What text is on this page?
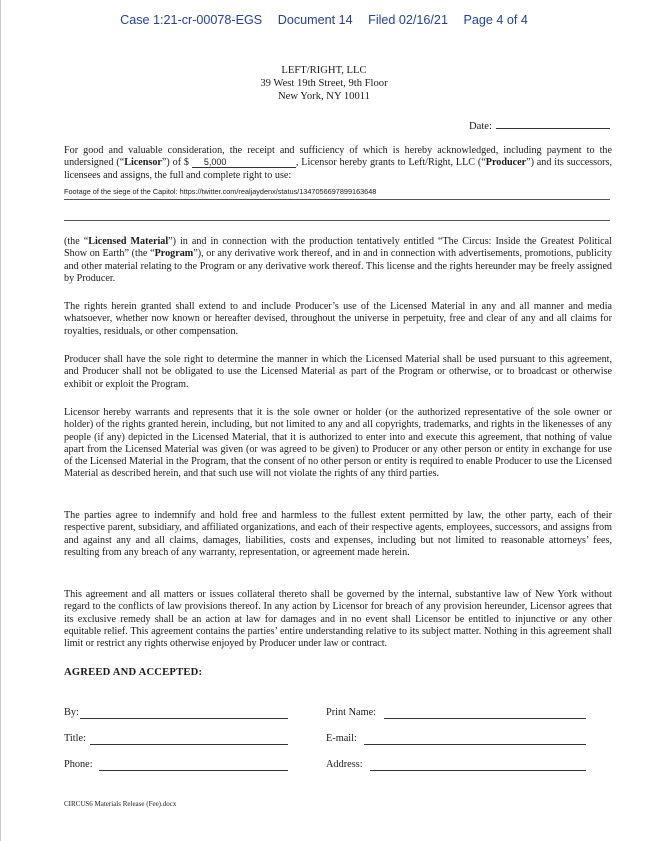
Case 1:21-cr-00078-EGS Document 14 Filed 02/16/21 Page 4 of 4
LEFT/RIGHT, LLC
39 West 19th Street, 9th Floor
New York, NY 10011
Date:

For good and valuable consideration, the receipt and sufficiency of which is hereby acknowledged, including payment to the undersigned (“Licensor”) of $ 5,000	, Licensor hereby grants to Left/Right, LLC (“Producer”) and its successors, licensees and assigns, the full and complete right to use:

Footage of the siege of the Capitol: https://twitter.com/realjaydenx/status/1347056697899163648

(the “Licensed Material”) in and in connection with the production tentatively entitled “The Circus: Inside the Greatest Political Show on Earth” (the “Program”), or any derivative work thereof, and in and in connection with advertisements, promotions, publicity and other material relating to the Program or any derivative work thereof. This license and the rights hereunder may be freely assigned by Producer.

The rights herein granted shall extend to and include Producer’s use of the Licensed Material in any and all manner and media whatsoever, whether now known or hereafter devised, throughout the universe in perpetuity, free and clear of any and all claims for royalties, residuals, or other compensation.

Producer shall have the sole right to determine the manner in which the Licensed Material shall be used pursuant to this agreement, and Producer shall not be obligated to use the Licensed Material as part of the Program or otherwise, or to broadcast or otherwise exhibit or exploit the Program.

Licensor hereby warrants and represents that it is the sole owner or holder (or the authorized representative of the sole owner or holder) of the rights granted herein, including, but not limited to any and all copyrights, trademarks, and rights in the likenesses of any people (if any) depicted in the Licensed Material, that it is authorized to enter into and execute this agreement, that nothing of value apart from the Licensed Material was given (or was agreed to be given) to Producer or any other person or entity in exchange for use of the Licensed Material in the Program, that the consent of no other person or entity is required to enable Producer to use the Licensed Material as described herein, and that such use will not violate the rights of any third parties.

The parties agree to indemnify and hold free and harmless to the fullest extent permitted by law, the other party, each of their respective parent, subsidiary, and affiliated organizations, and each of their respective agents, employees, successors, and assigns from and against any and all claims, damages, liabilities, costs and expenses, including but not limited to reasonable attorneys’ fees, resulting from any breach of any warranty, representation, or agreement made herein.

This agreement and all matters or issues collateral thereto shall be governed by the internal, substantive law of New York without regard to the conflicts of law provisions thereof. In any action by Licensor for breach of any provision hereunder, Licensor agrees that its exclusive remedy shall be an action at law for damages and in no event shall Licensor be entitled to injunctive or any other equitable relief. This agreement contains the parties’ entire understanding relative to its subject matter. Nothing in this agreement shall limit or restrict any rights otherwise enjoyed by Producer under law or contract.

AGREED AND ACCEPTED:
By:
Title:
Phone:
Print Name:
E-mail:
Address:
CIRCUS6 Materials Release (Fee).docx
